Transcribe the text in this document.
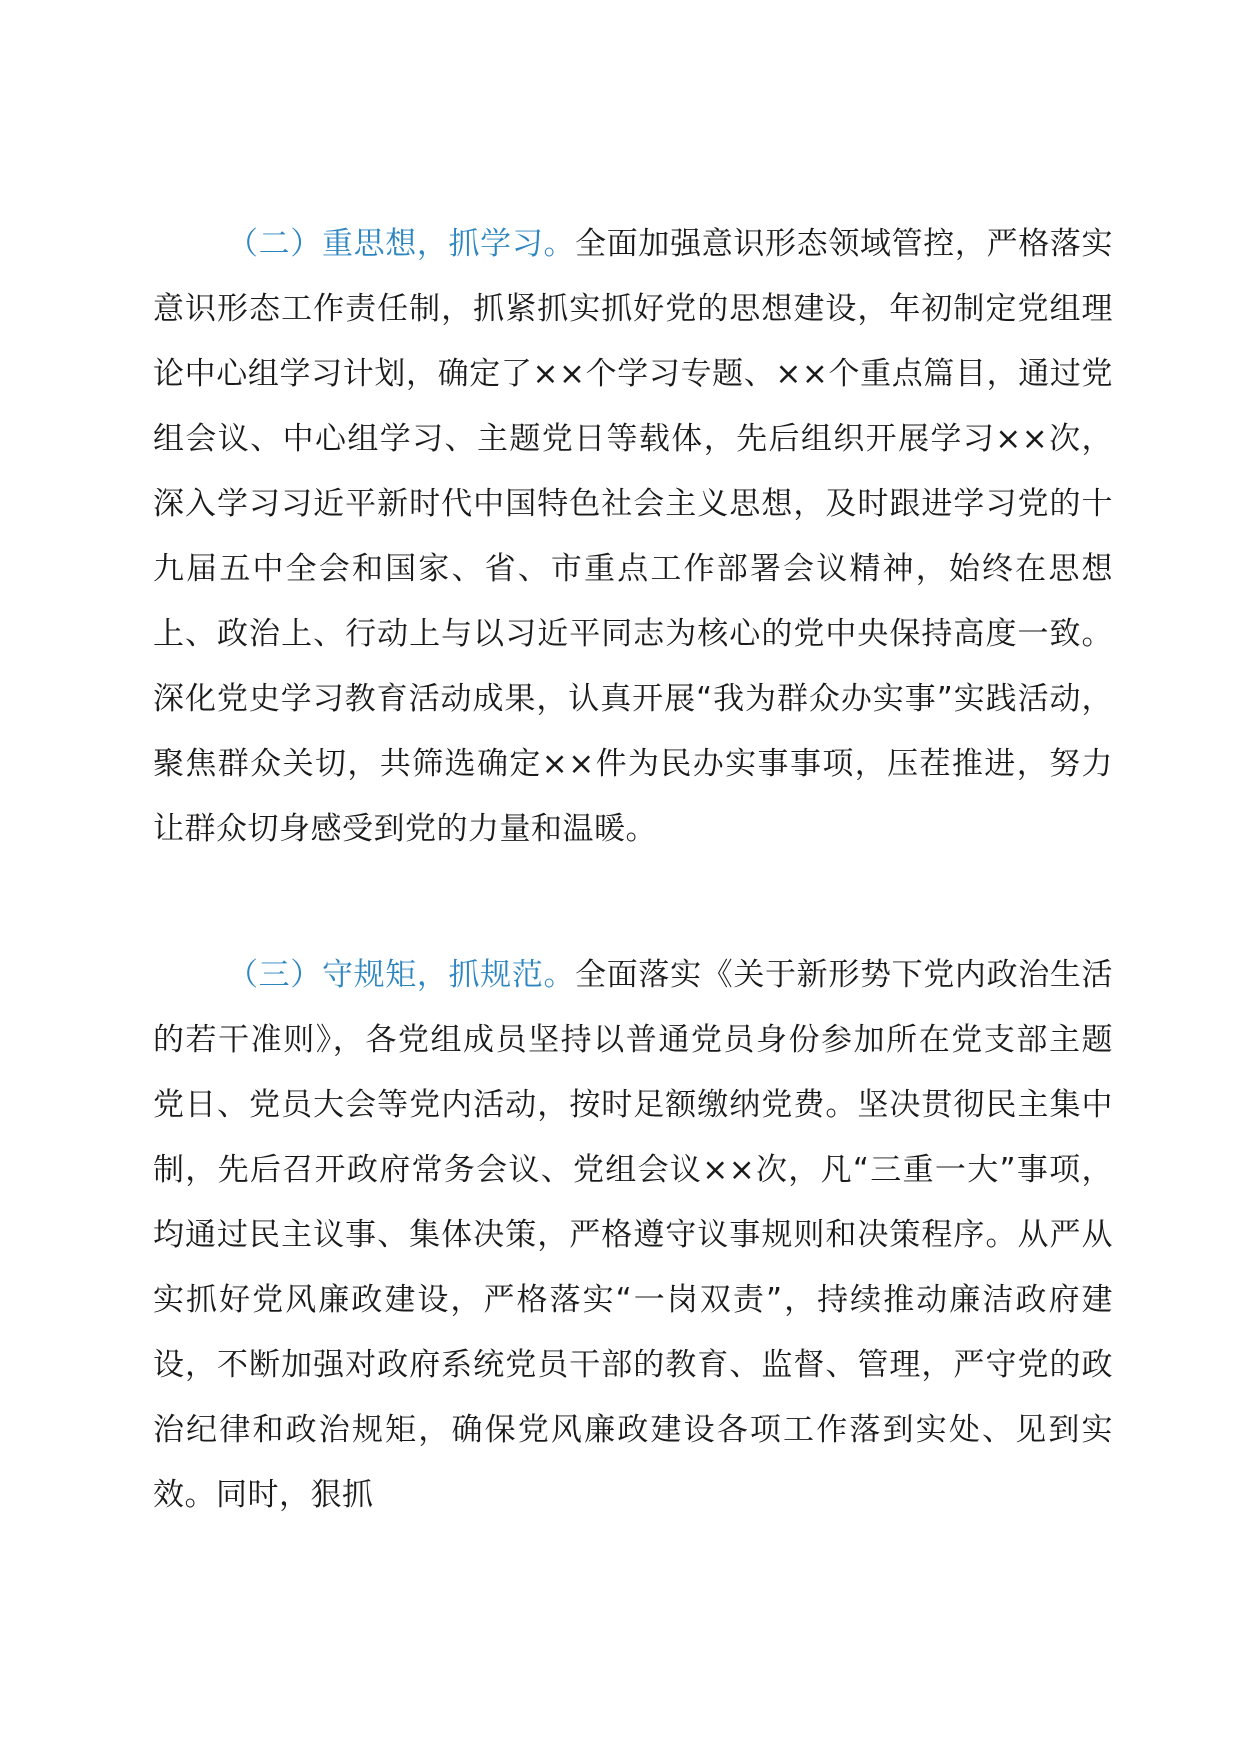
（二）重思想，抓学习。全面加强意识形态领域管控，严格落实意识形态工作责任制，抓紧抓实抓好党的思想建设，年初制定党组理论中心组学习计划，确定了××个学习专题、××个重点篇目，通过党组会议、中心组学习、主题党日等载体，先后组织开展学习××次，深入学习习近平新时代中国特色社会主义思想，及时跟进学习党的十九届五中全会和国家、省、市重点工作部署会议精神，始终在思想上、政治上、行动上与以习近平同志为核心的党中央保持高度一致。深化党史学习教育活动成果，认真开展“我为群众办实事”实践活动，聚焦群众关切，共筛选确定××件为民办实事事项，压茬推进，努力让群众切身感受到党的力量和温暖。

（三）守规矩，抓规范。全面落实《关于新形势下党内政治生活的若干准则》，各党组成员坚持以普通党员身份参加所在党支部主题党日、党员大会等党内活动，按时足额缴纳党费。坚决贯彻民主集中制，先后召开政府常务会议、党组会议××次，凡“三重一大”事项，均通过民主议事、集体决策，严格遵守议事规则和决策程序。从严从实抓好党风廉政建设，严格落实“一岗双责”，持续推动廉洁政府建设，不断加强对政府系统党员干部的教育、监督、管理，严守党的政治纪律和政治规矩，确保党风廉政建设各项工作落到实处、见到实效。同时，狠抓
